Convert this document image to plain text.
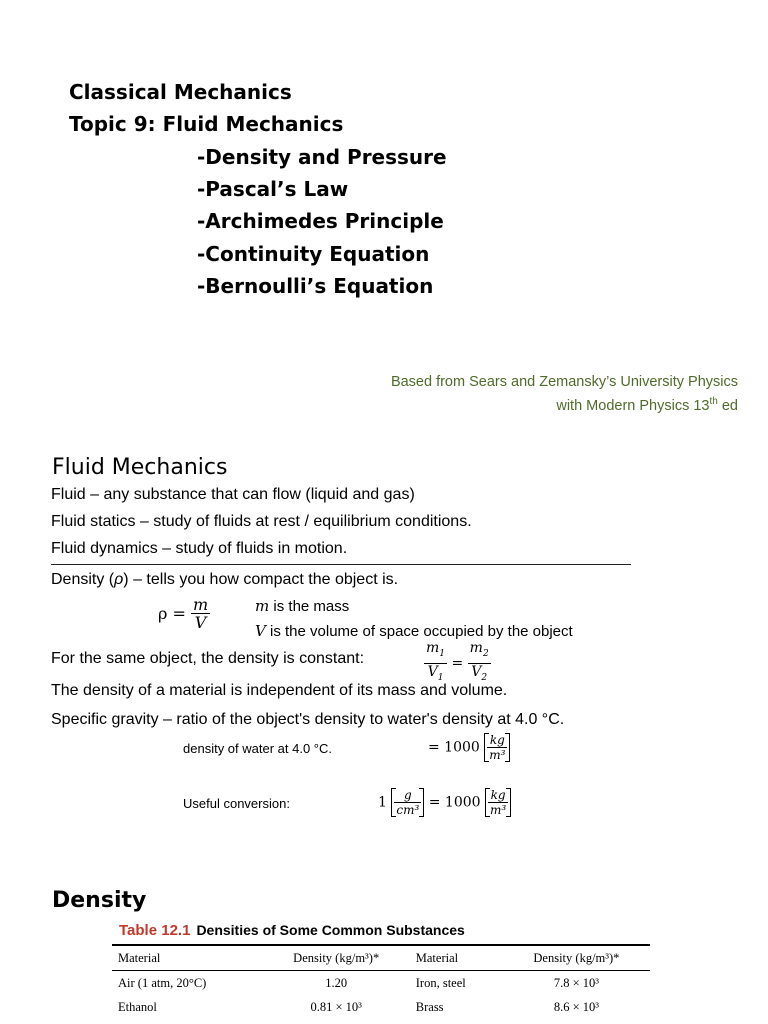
Classical Mechanics
Topic 9: Fluid Mechanics
-Density and Pressure
-Pascal’s Law
-Archimedes Principle
-Continuity Equation
-Bernoulli’s Equation
Based from Sears and Zemansky’s University Physics
with Modern Physics 13th ed
Fluid Mechanics
Fluid – any substance that can flow (liquid and gas)
Fluid statics – study of fluids at rest / equilibrium conditions.
Fluid dynamics – study of fluids in motion.
Density (ρ) – tells you how compact the object is.
$\rho = \frac{m}{V}$	m is the mass
V is the volume of space occupied by the object
For the same object, the density is constant:	$\frac{m_1}{V_1} = \frac{m_2}{V_2}$
The density of a material is independent of its mass and volume.
Specific gravity – ratio of the object's density to water's density at 4.0 °C.
density of water at 4.0 °C.	= $1000 \frac{kg}{\text{m³}}$
Useful conversion:	$1 \frac{g}{\text{cm³}} = 1000 \frac{kg}{\text{m³}}$
Density
Table 12.1 Densities of Some Common Substances
Material	Density (kg/m³)*	Material	Density (kg/m³)*
Air (1 atm, 20°C)	1.20	Iron, steel	7.8 × 10³
Ethanol	0.81 × 10³	Brass	8.6 × 10³
